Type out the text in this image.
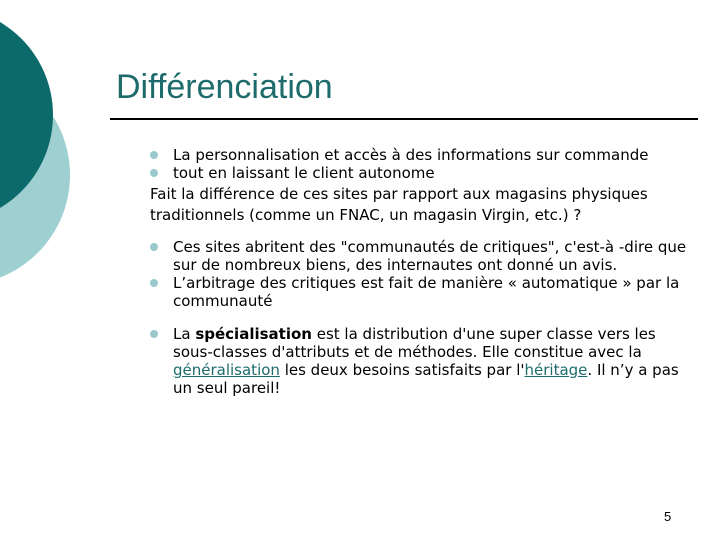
Différenciation
La personnalisation et accès à des informations sur commande
tout en laissant le client autonome
Fait la différence de ces sites par rapport aux magasins physiques traditionnels (comme un FNAC, un magasin Virgin, etc.) ?
Ces sites abritent des "communautés de critiques", c'est-à -dire que sur de nombreux biens, des internautes ont donné un avis.
L’arbitrage des critiques est fait de manière « automatique » par la communauté
La spécialisation est la distribution d'une super classe vers les sous-classes d'attributs et de méthodes. Elle constitue avec la généralisation les deux besoins satisfaits par l'héritage. Il n’y a pas un seul pareil!
5
